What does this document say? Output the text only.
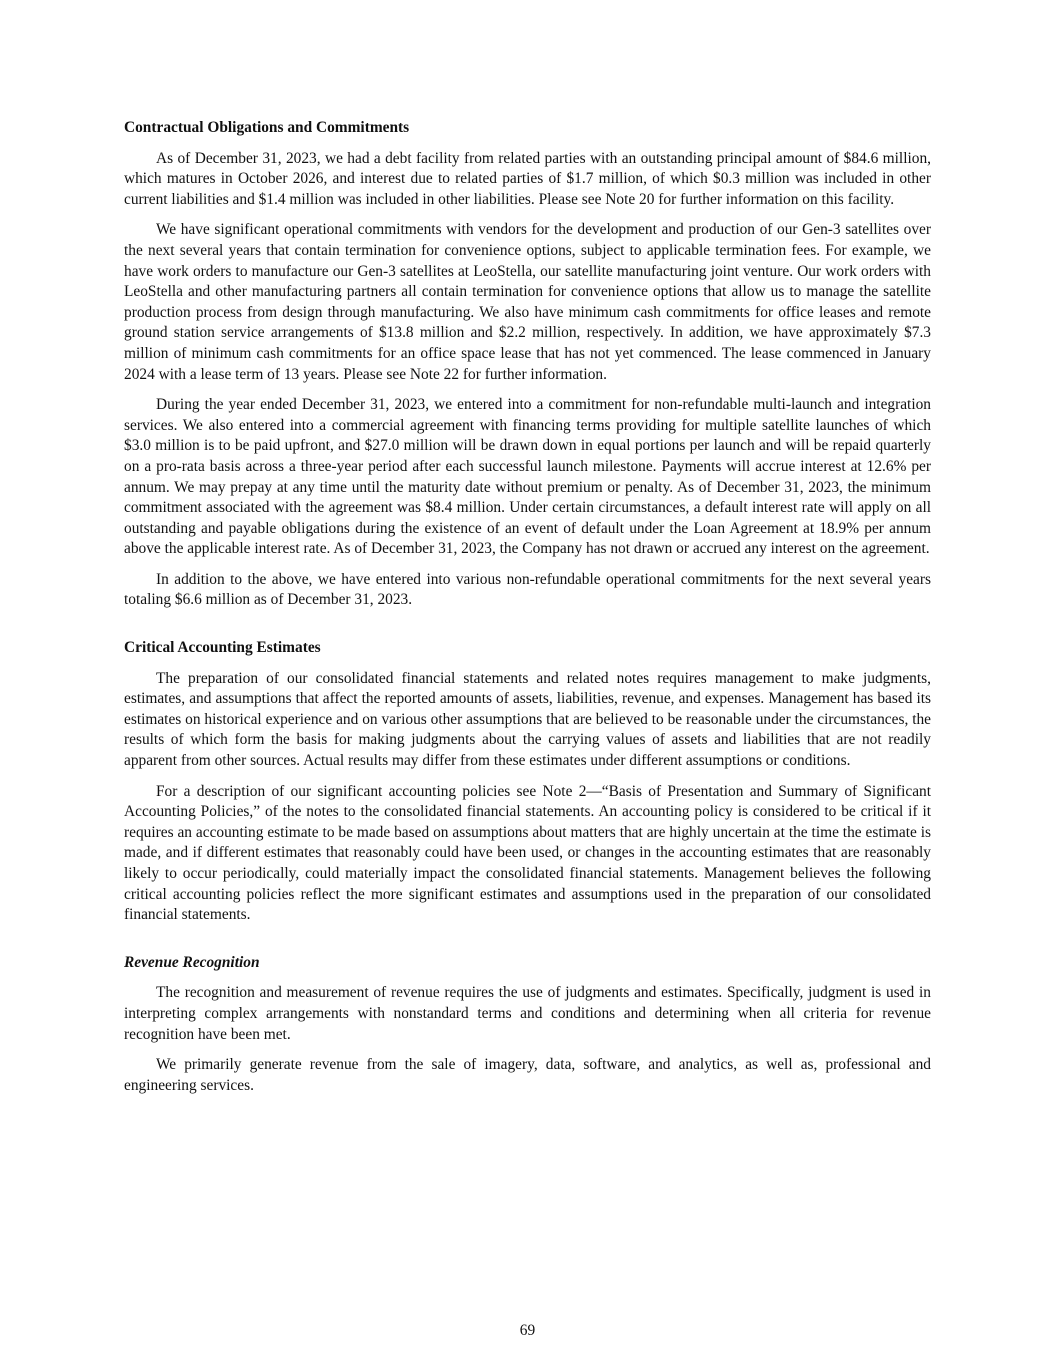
Contractual Obligations and Commitments

As of December 31, 2023, we had a debt facility from related parties with an outstanding principal amount of $84.6 million, which matures in October 2026, and interest due to related parties of $1.7 million, of which $0.3 million was included in other current liabilities and $1.4 million was included in other liabilities. Please see Note 20 for further information on this facility.

We have significant operational commitments with vendors for the development and production of our Gen-3 satellites over the next several years that contain termination for convenience options, subject to applicable termination fees. For example, we have work orders to manufacture our Gen-3 satellites at LeoStella, our satellite manufacturing joint venture. Our work orders with LeoStella and other manufacturing partners all contain termination for convenience options that allow us to manage the satellite production process from design through manufacturing. We also have minimum cash commitments for office leases and remote ground station service arrangements of $13.8 million and $2.2 million, respectively. In addition, we have approximately $7.3 million of minimum cash commitments for an office space lease that has not yet commenced. The lease commenced in January 2024 with a lease term of 13 years. Please see Note 22 for further information.

During the year ended December 31, 2023, we entered into a commitment for non-refundable multi-launch and integration services. We also entered into a commercial agreement with financing terms providing for multiple satellite launches of which $3.0 million is to be paid upfront, and $27.0 million will be drawn down in equal portions per launch and will be repaid quarterly on a pro-rata basis across a three-year period after each successful launch milestone. Payments will accrue interest at 12.6% per annum. We may prepay at any time until the maturity date without premium or penalty. As of December 31, 2023, the minimum commitment associated with the agreement was $8.4 million. Under certain circumstances, a default interest rate will apply on all outstanding and payable obligations during the existence of an event of default under the Loan Agreement at 18.9% per annum above the applicable interest rate. As of December 31, 2023, the Company has not drawn or accrued any interest on the agreement.

In addition to the above, we have entered into various non-refundable operational commitments for the next several years totaling $6.6 million as of December 31, 2023.

Critical Accounting Estimates

The preparation of our consolidated financial statements and related notes requires management to make judgments, estimates, and assumptions that affect the reported amounts of assets, liabilities, revenue, and expenses. Management has based its estimates on historical experience and on various other assumptions that are believed to be reasonable under the circumstances, the results of which form the basis for making judgments about the carrying values of assets and liabilities that are not readily apparent from other sources. Actual results may differ from these estimates under different assumptions or conditions.

For a description of our significant accounting policies see Note 2—“Basis of Presentation and Summary of Significant Accounting Policies,” of the notes to the consolidated financial statements. An accounting policy is considered to be critical if it requires an accounting estimate to be made based on assumptions about matters that are highly uncertain at the time the estimate is made, and if different estimates that reasonably could have been used, or changes in the accounting estimates that are reasonably likely to occur periodically, could materially impact the consolidated financial statements. Management believes the following critical accounting policies reflect the more significant estimates and assumptions used in the preparation of our consolidated financial statements.

Revenue Recognition

The recognition and measurement of revenue requires the use of judgments and estimates. Specifically, judgment is used in interpreting complex arrangements with nonstandard terms and conditions and determining when all criteria for revenue recognition have been met.

We primarily generate revenue from the sale of imagery, data, software, and analytics, as well as, professional and engineering services.

69
